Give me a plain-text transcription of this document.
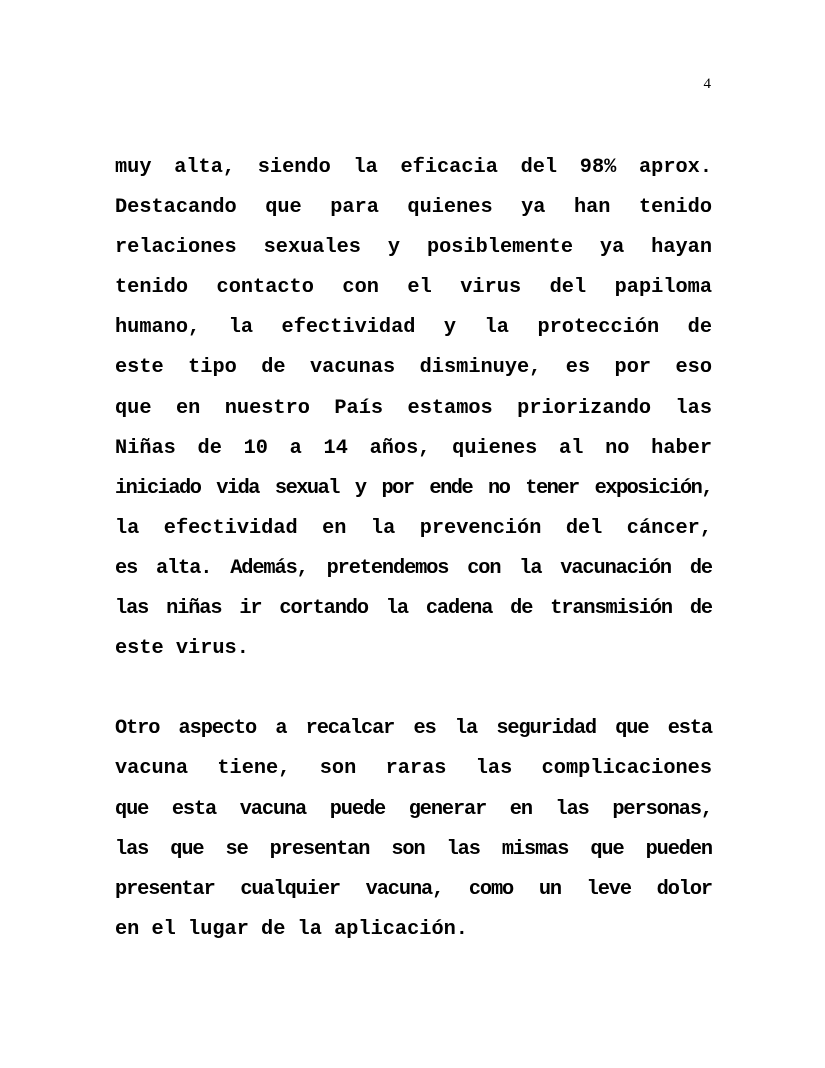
4
muy alta, siendo la eficacia del 98% aprox.
Destacando que para quienes ya han tenido
relaciones sexuales y posiblemente ya hayan
tenido contacto con el virus del papiloma
humano, la efectividad y la protección de
este tipo de vacunas disminuye, es por eso
que en nuestro País estamos priorizando las
Niñas de 10 a 14 años, quienes al no haber
iniciado vida sexual y por ende no tener exposición,
la efectividad en la prevención del cáncer,
es alta. Además, pretendemos con la vacunación de
las niñas ir cortando la cadena de transmisión de
este virus.
Otro aspecto a recalcar es la seguridad que esta
vacuna tiene, son raras las complicaciones
que esta vacuna puede generar en las personas,
las que se presentan son las mismas que pueden
presentar cualquier vacuna, como un leve dolor
en el lugar de la aplicación.
